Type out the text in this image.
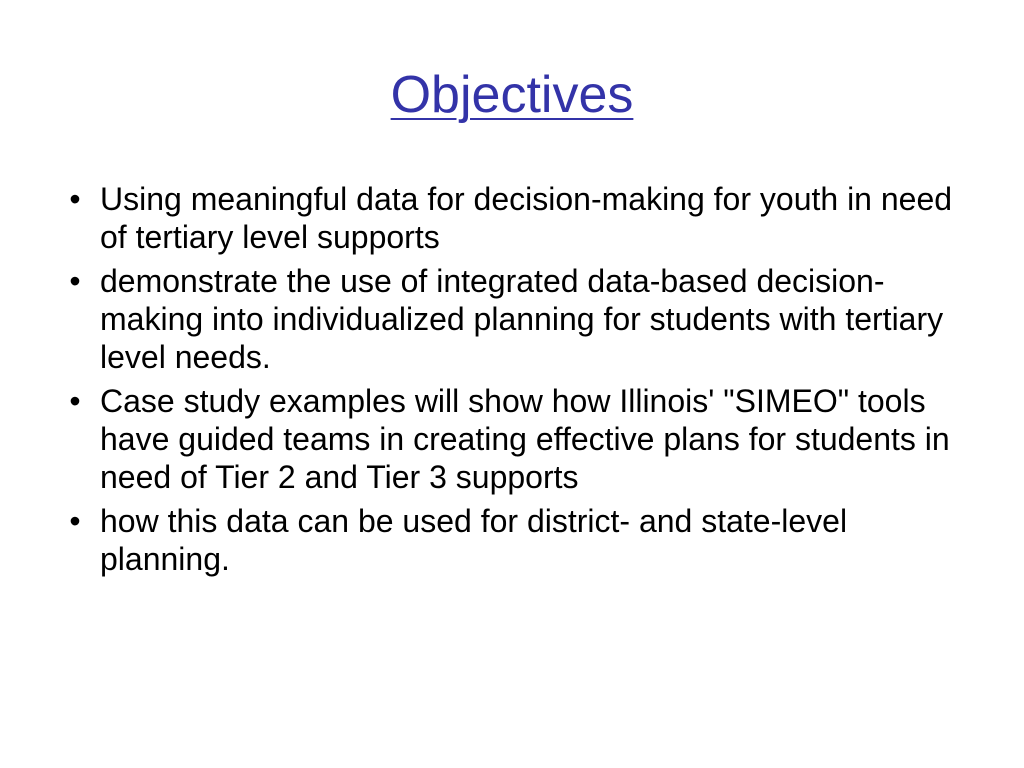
Objectives
• Using meaningful data for decision-making for youth in need of tertiary level supports
• demonstrate the use of integrated data-based decision-making into individualized planning for students with tertiary level needs.
• Case study examples will show how Illinois' "SIMEO" tools have guided teams in creating effective plans for students in need of Tier 2 and Tier 3 supports
• how this data can be used for district- and state-level planning.
